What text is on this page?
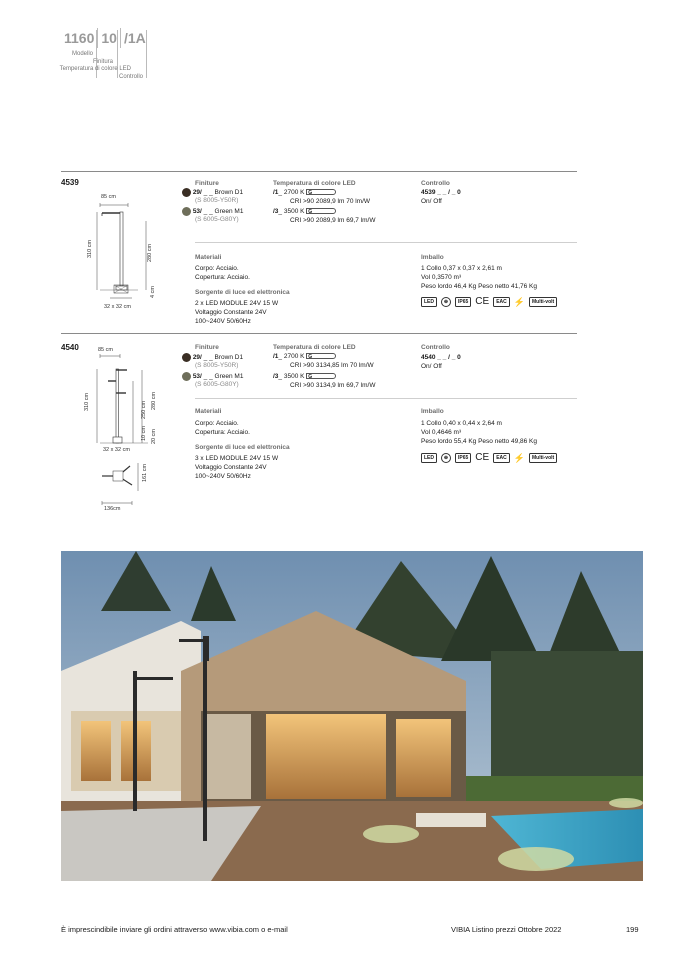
1160 10 /1A
Modello
Finitura
Temperatura di colore LED
Controllo
4539
85 cm
310 cm	280 cm
4 cm
32 x 32 cm
Finiture
29/ _ _ Brown D1
(S 8005-Y50R)
53/ _ _ Green M1
(S 6005-G80Y)
Temperatura di colore LED
/1_ 2700 K G
CRI >90 2089,9 lm 70 lm/W
/3_ 3500 K G
CRI >90 2089,9 lm 69,7 lm/W
Controllo
4539 _ _ / _ 0
On/ Off
Materiali
Corpo: Acciaio.
Copertura: Acciaio.
Sorgente di luce ed elettronica
2 x LED MODULE 24V 15 W
Voltaggio Constante 24V
100~240V 50/60Hz
Imballo
1 Collo 0,37 x 0,37 x 2,61 m
Vol 0,3570 m³
Peso lordo 46,4 Kg Peso netto 41,76 Kg
LED	⊕	IP65 CE	EAC ⚡	Multi-volt
4540	85 cm
310 cm	250 cm 280 cm
10 cm 20 cm
32 x 32 cm
161 cm
136cm
Finiture
29/ _ _ Brown D1
(S 8005-Y50R)
53/ _ _ Green M1
(S 6005-G80Y)
Temperatura di colore LED
/1_ 2700 K G
CRI >90 3134,85 lm 70 lm/W
/3_ 3500 K G
CRI >90 3134,9 lm 69,7 lm/W
Controllo
4540 _ _ / _ 0
On/ Off
Materiali
Corpo: Acciaio.
Copertura: Acciaio.
Sorgente di luce ed elettronica
3 x LED MODULE 24V 15 W
Voltaggio Constante 24V
100~240V 50/60Hz
Imballo
1 Collo 0,40 x 0,44 x 2,64 m
Vol 0,4646 m³
Peso lordo 55,4 Kg Peso netto 49,86 Kg
LED	⊕	IP65 CE	EAC ⚡	Multi-volt
È imprescindibile inviare gli ordini attraverso www.vibia.com o e-mail	VIBIA Listino prezzi Ottobre 2022	199
